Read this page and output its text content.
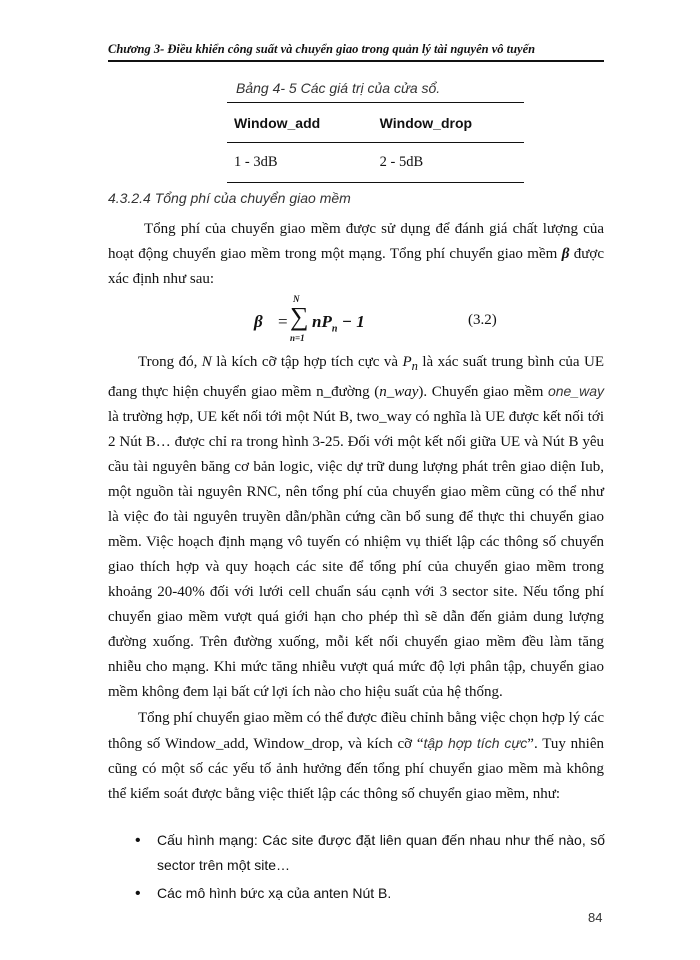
Chương 3- Điều khiển công suất và chuyển giao trong quản lý tài nguyên vô tuyến
Bảng 4- 5 Các giá trị của cửa sổ.
Window_add	Window_drop
1 - 3dB	2 - 5dB
4.3.2.4 Tổng phí của chuyển giao mềm

Tổng phí của chuyển giao mềm được sử dụng để đánh giá chất lượng của hoạt động chuyển giao mềm trong một mạng. Tổng phí chuyển giao mềm β được xác định như sau:

β =
N
∑
n=1
$nP_n - 1$	(3.2)

Trong đó, N là kích cỡ tập hợp tích cực và $P_n$ là xác suất trung bình của UE đang thực hiện chuyển giao mềm n_đường (n_way). Chuyển giao mềm one_way là trường hợp, UE kết nối tới một Nút B, two_way có nghĩa là UE được kết nối tới 2 Nút B… được chỉ ra trong hình 3-25. Đối với một kết nối giữa UE và Nút B yêu cầu tài nguyên băng cơ bản logic, việc dự trữ dung lượng phát trên giao diện Iub, một nguồn tài nguyên RNC, nên tổng phí của chuyển giao mềm cũng có thể như là việc đo tài nguyên truyền dẫn/phần cứng cần bổ sung để thực thi chuyển giao mềm. Việc hoạch định mạng vô tuyến có nhiệm vụ thiết lập các thông số chuyển giao thích hợp và quy hoạch các site để tổng phí của chuyển giao mềm trong khoảng 20-40% đối với lưới cell chuẩn sáu cạnh với 3 sector site. Nếu tổng phí chuyển giao mềm vượt quá giới hạn cho phép thì sẽ dẫn đến giảm dung lượng đường xuống. Trên đường xuống, mỗi kết nối chuyển giao mềm đều làm tăng nhiễu cho mạng. Khi mức tăng nhiễu vượt quá mức độ lợi phân tập, chuyển giao mềm không đem lại bất cứ lợi ích nào cho hiệu suất của hệ thống.

Tổng phí chuyển giao mềm có thể được điều chỉnh bằng việc chọn hợp lý các thông số Window_add, Window_drop, và kích cỡ “tập hợp tích cực”. Tuy nhiên cũng có một số các yếu tố ảnh hưởng đến tổng phí chuyển giao mềm mà không thể kiểm soát được bằng việc thiết lập các thông số chuyển giao mềm, như:

• Cấu hình mạng: Các site được đặt liên quan đến nhau như thế nào, số sector trên một site…
• Các mô hình bức xạ của anten Nút B.
84
